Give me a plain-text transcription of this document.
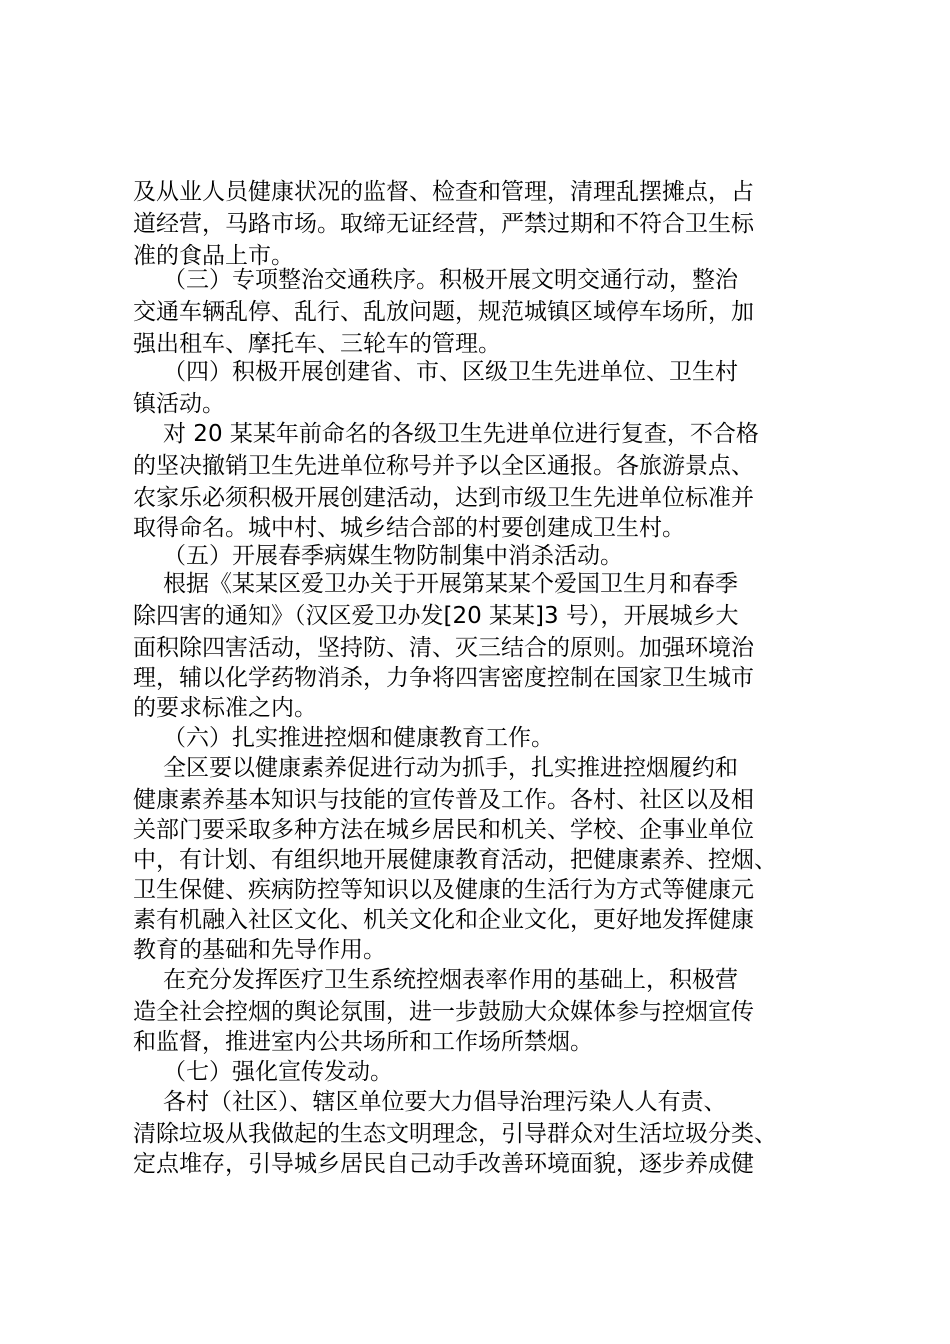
及从业人员健康状况的监督、检查和管理，清理乱摆摊点，占
道经营，马路市场。取缔无证经营，严禁过期和不符合卫生标
准的食品上市。
（三）专项整治交通秩序。积极开展文明交通行动，整治
交通车辆乱停、乱行、乱放问题，规范城镇区域停车场所，加
强出租车、摩托车、三轮车的管理。
（四）积极开展创建省、市、区级卫生先进单位、卫生村
镇活动。
对 20 某某年前命名的各级卫生先进单位进行复查，不合格
的坚决撤销卫生先进单位称号并予以全区通报。各旅游景点、
农家乐必须积极开展创建活动，达到市级卫生先进单位标准并
取得命名。城中村、城乡结合部的村要创建成卫生村。
（五）开展春季病媒生物防制集中消杀活动。
根据《某某区爱卫办关于开展第某某个爱国卫生月和春季
除四害的通知》（汉区爱卫办发[20 某某]3 号），开展城乡大
面积除四害活动，坚持防、清、灭三结合的原则。加强环境治
理，辅以化学药物消杀，力争将四害密度控制在国家卫生城市
的要求标准之内。
（六）扎实推进控烟和健康教育工作。
全区要以健康素养促进行动为抓手，扎实推进控烟履约和
健康素养基本知识与技能的宣传普及工作。各村、社区以及相
关部门要采取多种方法在城乡居民和机关、学校、企事业单位
中，有计划、有组织地开展健康教育活动，把健康素养、控烟、
卫生保健、疾病防控等知识以及健康的生活行为方式等健康元
素有机融入社区文化、机关文化和企业文化，更好地发挥健康
教育的基础和先导作用。
在充分发挥医疗卫生系统控烟表率作用的基础上，积极营
造全社会控烟的舆论氛围，进一步鼓励大众媒体参与控烟宣传
和监督，推进室内公共场所和工作场所禁烟。
（七）强化宣传发动。
各村（社区）、辖区单位要大力倡导治理污染人人有责、
清除垃圾从我做起的生态文明理念，引导群众对生活垃圾分类、
定点堆存，引导城乡居民自己动手改善环境面貌，逐步养成健
